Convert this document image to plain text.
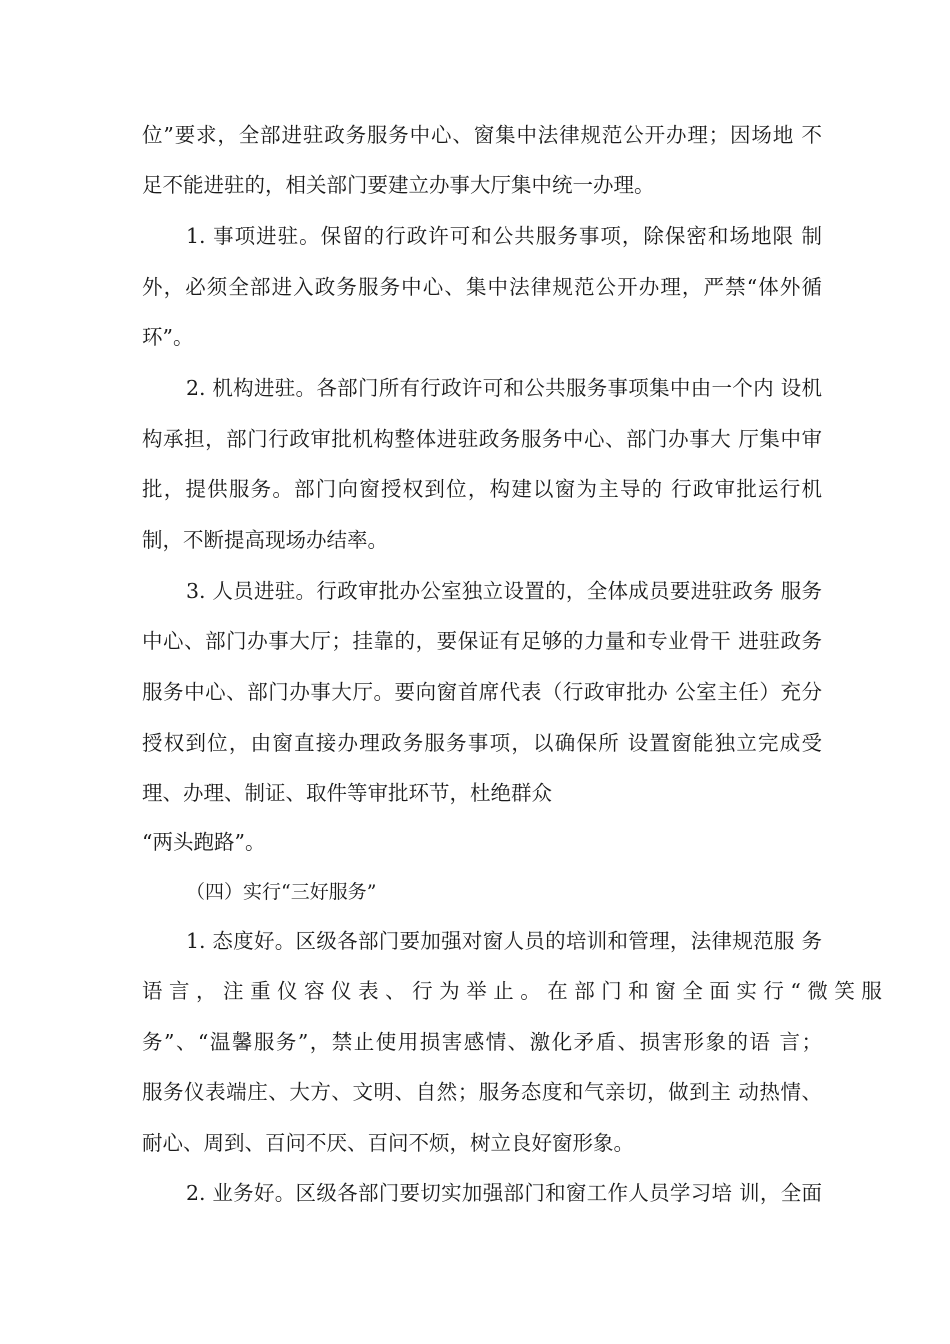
位”要求，全部进驻政务服务中心、窗集中法律规范公开办理；因场地 不
足不能进驻的，相关部门要建立办事大厅集中统一办理。
1. 事项进驻。保留的行政许可和公共服务事项，除保密和场地限 制
外，必须全部进入政务服务中心、集中法律规范公开办理，严禁“体外循
环”。
2. 机构进驻。各部门所有行政许可和公共服务事项集中由一个内 设机
构承担，部门行政审批机构整体进驻政务服务中心、部门办事大 厅集中审
批，提供服务。部门向窗授权到位，构建以窗为主导的 行政审批运行机
制，不断提高现场办结率。
3. 人员进驻。行政审批办公室独立设置的，全体成员要进驻政务 服务
中心、部门办事大厅；挂靠的，要保证有足够的力量和专业骨干 进驻政务
服务中心、部门办事大厅。要向窗首席代表（行政审批办 公室主任）充分
授权到位，由窗直接办理政务服务事项，以确保所 设置窗能独立完成受
理、办理、制证、取件等审批环节，杜绝群众
“两头跑路”。
（四）实行“三好服务”
1. 态度好。区级各部门要加强对窗人员的培训和管理，法律规范服 务
语 言 ， 注 重 仪 容 仪 表 、 行 为 举 止 。 在 部 门 和 窗 全 面 实 行 “ 微 笑 服
务”、“温馨服务”，禁止使用损害感情、激化矛盾、损害形象的语 言；
服务仪表端庄、大方、文明、自然；服务态度和气亲切，做到主 动热情、
耐心、周到、百问不厌、百问不烦，树立良好窗形象。
2. 业务好。区级各部门要切实加强部门和窗工作人员学习培 训，全面
